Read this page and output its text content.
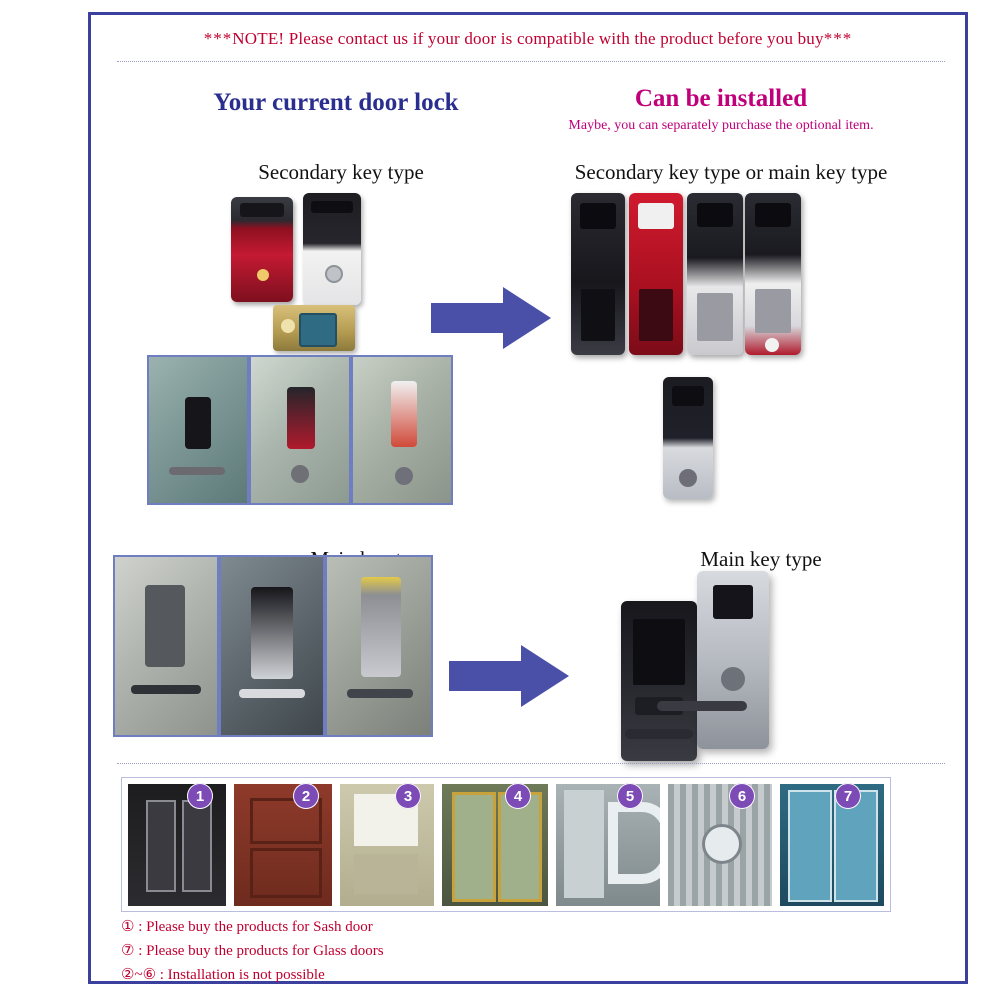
***NOTE! Please contact us if your door is compatible with the product before you buy***
Your current door lock	Can be installed
Maybe, you can separately purchase the optional item.
Secondary key type	Secondary key type or main key type
Main key type
1	2	3	4	5	6	7
① : Please buy the products for Sash door
⑦ : Please buy the products for Glass doors
②~⑥ : Installation is not possible
